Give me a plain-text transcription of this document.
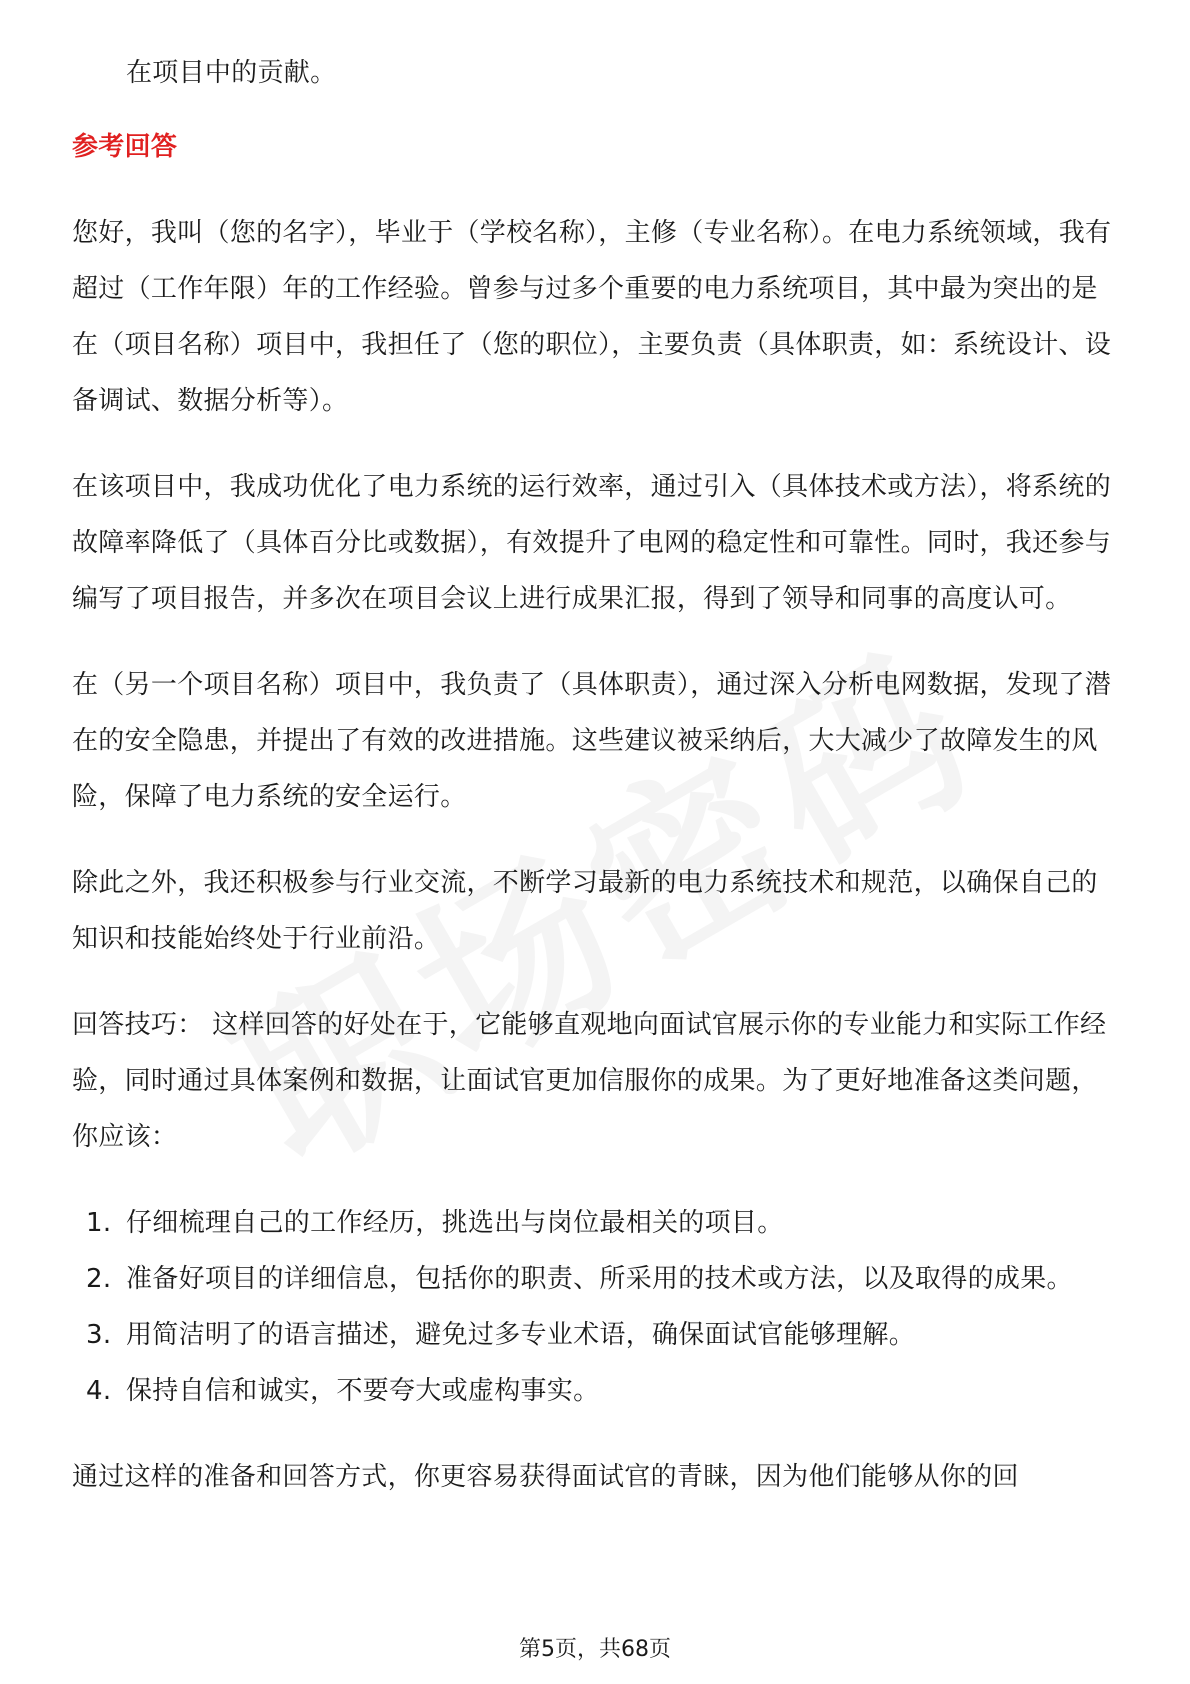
在项目中的贡献。

参考回答

您好，我叫（您的名字），毕业于（学校名称），主修（专业名称）。在电力系统领域，我有超过（工作年限）年的工作经验。曾参与过多个重要的电力系统项目，其中最为突出的是在（项目名称）项目中，我担任了（您的职位），主要负责（具体职责，如：系统设计、设备调试、数据分析等）。

在该项目中，我成功优化了电力系统的运行效率，通过引入（具体技术或方法），将系统的故障率降低了（具体百分比或数据），有效提升了电网的稳定性和可靠性。同时，我还参与编写了项目报告，并多次在项目会议上进行成果汇报，得到了领导和同事的高度认可。

在（另一个项目名称）项目中，我负责了（具体职责），通过深入分析电网数据，发现了潜在的安全隐患，并提出了有效的改进措施。这些建议被采纳后，大大减少了故障发生的风险，保障了电力系统的安全运行。

除此之外，我还积极参与行业交流，不断学习最新的电力系统技术和规范，以确保自己的知识和技能始终处于行业前沿。

回答技巧： 这样回答的好处在于，它能够直观地向面试官展示你的专业能力和实际工作经验，同时通过具体案例和数据，让面试官更加信服你的成果。为了更好地准备这类问题，你应该：

1. 仔细梳理自己的工作经历，挑选出与岗位最相关的项目。
2. 准备好项目的详细信息，包括你的职责、所采用的技术或方法，以及取得的成果。
3. 用简洁明了的语言描述，避免过多专业术语，确保面试官能够理解。
4. 保持自信和诚实，不要夸大或虚构事实。

通过这样的准备和回答方式，你更容易获得面试官的青睐，因为他们能够从你的回

第5页，共68页
